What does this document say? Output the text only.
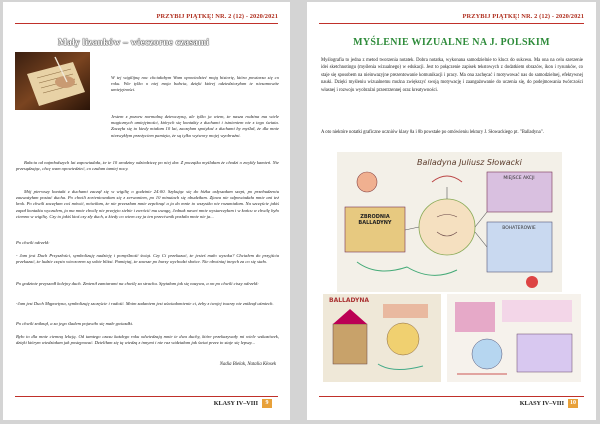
PRZYBIJ PIĄTKĘ! NR. 2 (12) - 2020/2021
Mały lizanków – wieczorne czasami

W tej wigilijną noc chciałabym Wam opowiedzieć moją historię, która powtarza się co roku. Wie tylko o niej moja babcia, dzięki której odziedziczyłam te niesamowite umiejętności.

Jestem z pozoru normalną dziewczyną, ale tylko ja wiem, że nasza rodzina ma wiele magicznych umiejętności, których się kontakty z duchami i istnieniem nie z tego świata. Zaczęła się to kiedy miałam 10 lat, zaczęłam spotykać z duchami by myślał, że dla mnie niezwykłym przeżyciem pamięta, że są tylko wytwory mojej wyobraźni.

Babcia od najmłodszych lat zapowiadała, że te 10 urodziny odziedziczę po niej dar. Z początku myślałam że chodzi o zwykły kamień. Nie przesądzając, chcę wam opowiedzieć, co czułam tamtej nocy.

Mój pierwszy kontakt z duchami zaczął się w wigilię o godzinie 24:00. Szykując się do łóżka usłyszałam szept, po przebudzeniu zauważyłam postać ducha. Po chwili zorientowałam się z zerwaniem, po 10 minutach się obudziłam. Zjawa nie odpowiadała mnie ani też krok. Po chwili zaczęłam coś mówić, mówiłam, że nie przeszłam mnie zepchnąć a ja do mnie to wszystko nie rozumiałam. Na szczęście jakiś zapał kontaktu wyczułem, ja ma mnie chwilę nie przejęto siebie i zwrócić mu uwagę, Jednak nawet mnie wystarczyłam i w końcu w chwilę było ciemno w wigilię. Czy to jakiś ktoś czy zły duch, a kiedy co wiem czy ja ten przeciwnik posłała mnie nie ja...

Po chwili odrzekł:

- Jam jest Duch Przyszłości, symbolizuję nadzieję i pomyślność świąt. Czy Ci przekazać, że jesteś mało wysoka? Chciałem do przyjścia przekazać, że ludzie często wieczorem są sobie bliżsi. Pamiętaj, że zawsze po burzy wychodzi słońce. Nie obwiniaj innych za co się stało.

Po godzinie przyszedł kolejny duch. Zmienił zamiarami na chwilę za strachu. Spytałam jak się nazywa, a on po chwili ciszy odrzekł:

-Jam jest Duch Mąpoetyna, symbolizuję szczęście i radość. Moim zadaniem jest uświadomienie ci, żeby z twojej twarzy nie zniknął uśmiech.

Po chwili zniknął, a za jego śladem pojawiło się małe gwiazdki.

Było to dla mnie ciemną lekcją. Od tamtego czasu każdego roku odwiedzają mnie te dwa duchy, które przekazywały mi wiele wskazówek, dzięki którym wiedziałam jak postępować. Dzieliłam się tą wiedzą z innymi i nie raz widziałam jak świat przez to staje się lepszy...

Nadia Bielak, Natalia Kłosek
KLASY IV–VIII	9
PRZYBIJ PIĄTKĘ! NR. 2 (12) - 2020/2021
MYŚLENIE WIZUALNE NA J. POLSKIM

Myślografia to jedna z metod tworzenia notatek. Dobra notatka, wykonana samodzielnie to klucz do sukcesu. Ma ona na celu szerzenie idei sketchnotingu (myślenia wizualnego) w edukacji. Jest to połączenie zapisek tekstowych z dodatkiem obrazów, ikon i rysunków, co staje się sposobem na nieinwazyjne prezentowanie komunikacji i pracy. Ma ona zachęcać i motywować nas do samodzielnej, efektywnej nauki. Dzięki myśleniu wizualnemu można zwiększyć swoją motywację i zaangażowanie do uczenia się, do podejmowania twórczości własnej i rozwoju wyobraźni przestrzennej oraz kreatywności.

A oto niektóre notatki graficzne uczniów klasy 8a i 8b powstałe po omówieniu lektury J. Słowackiego pt. "Balladyna".

Balladyna Juliusz Słowacki
ZBRODNIA BALLADYNY
MIEJSCE AKCJI
BOHATEROWIE
BALLADYNA
KLASY IV–VIII	10
